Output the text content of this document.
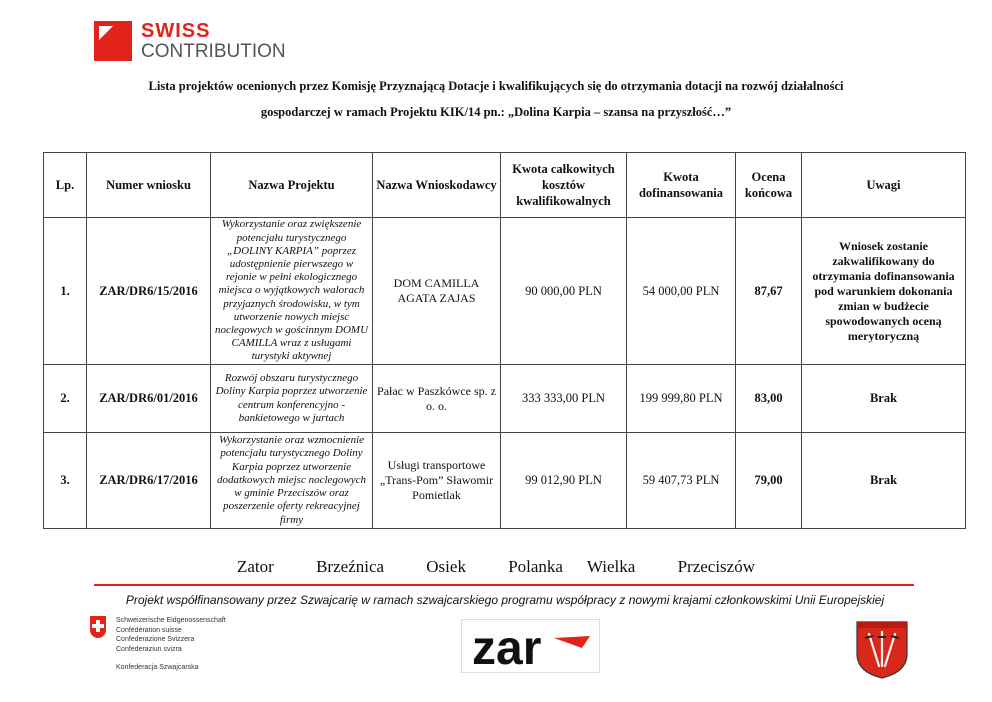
SWISS
CONTRIBUTION
Lista projektów ocenionych przez Komisję Przyznającą Dotacje i kwalifikujących się do otrzymania dotacji na rozwój działalności
gospodarczej w ramach Projektu KIK/14 pn.: „Dolina Karpia – szansa na przyszłość…”
Lp.	Numer wniosku	Nazwa Projektu	Nazwa Wnioskodawcy	Kwota całkowitych kosztów kwalifikowalnych	Kwota dofinansowania	Ocena końcowa	Uwagi
1.	ZAR/DR6/15/2016	Wykorzystanie oraz zwiększenie potencjału turystycznego „DOLINY KARPIA” poprzez udostępnienie pierwszego w rejonie w pełni ekologicznego miejsca o wyjątkowych walorach przyjaznych środowisku, w tym utworzenie nowych miejsc noclegowych w gościnnym DOMU CAMILLA wraz z usługami turystyki aktywnej	DOM CAMILLA AGATA ZAJAS	90 000,00 PLN	54 000,00 PLN	87,67	Wniosek zostanie zakwalifikowany do otrzymania dofinansowania pod warunkiem dokonania zmian w budżecie spowodowanych oceną merytoryczną
2.	ZAR/DR6/01/2016	Rozwój obszaru turystycznego Doliny Karpia poprzez utworzenie centrum konferencyjno - bankietowego w jurtach	Pałac w Paszkówce sp. z o. o.	333 333,00 PLN	199 999,80 PLN	83,00	Brak
3.	ZAR/DR6/17/2016	Wykorzystanie oraz wzmocnienie potencjału turystycznego Doliny Karpia poprzez utworzenie dodatkowych miejsc noclegowych w gminie Przeciszów oraz poszerzenie oferty rekreacyjnej firmy	Usługi transportowe „Trans-Pom” Sławomir Pomietlak	99 012,90 PLN	59 407,73 PLN	79,00	Brak
Zator Brzeźnica Osiek Polanka Wielka Przeciszów
Projekt współfinansowany przez Szwajcarię w ramach szwajcarskiego programu współpracy z nowymi krajami członkowskimi Unii Europejskiej
Schweizerische Eidgenossenschaft
Confédération suisse
Confederazione Svizzera
Confederaziun svizra
Konfederacja Szwajcarska	zar
